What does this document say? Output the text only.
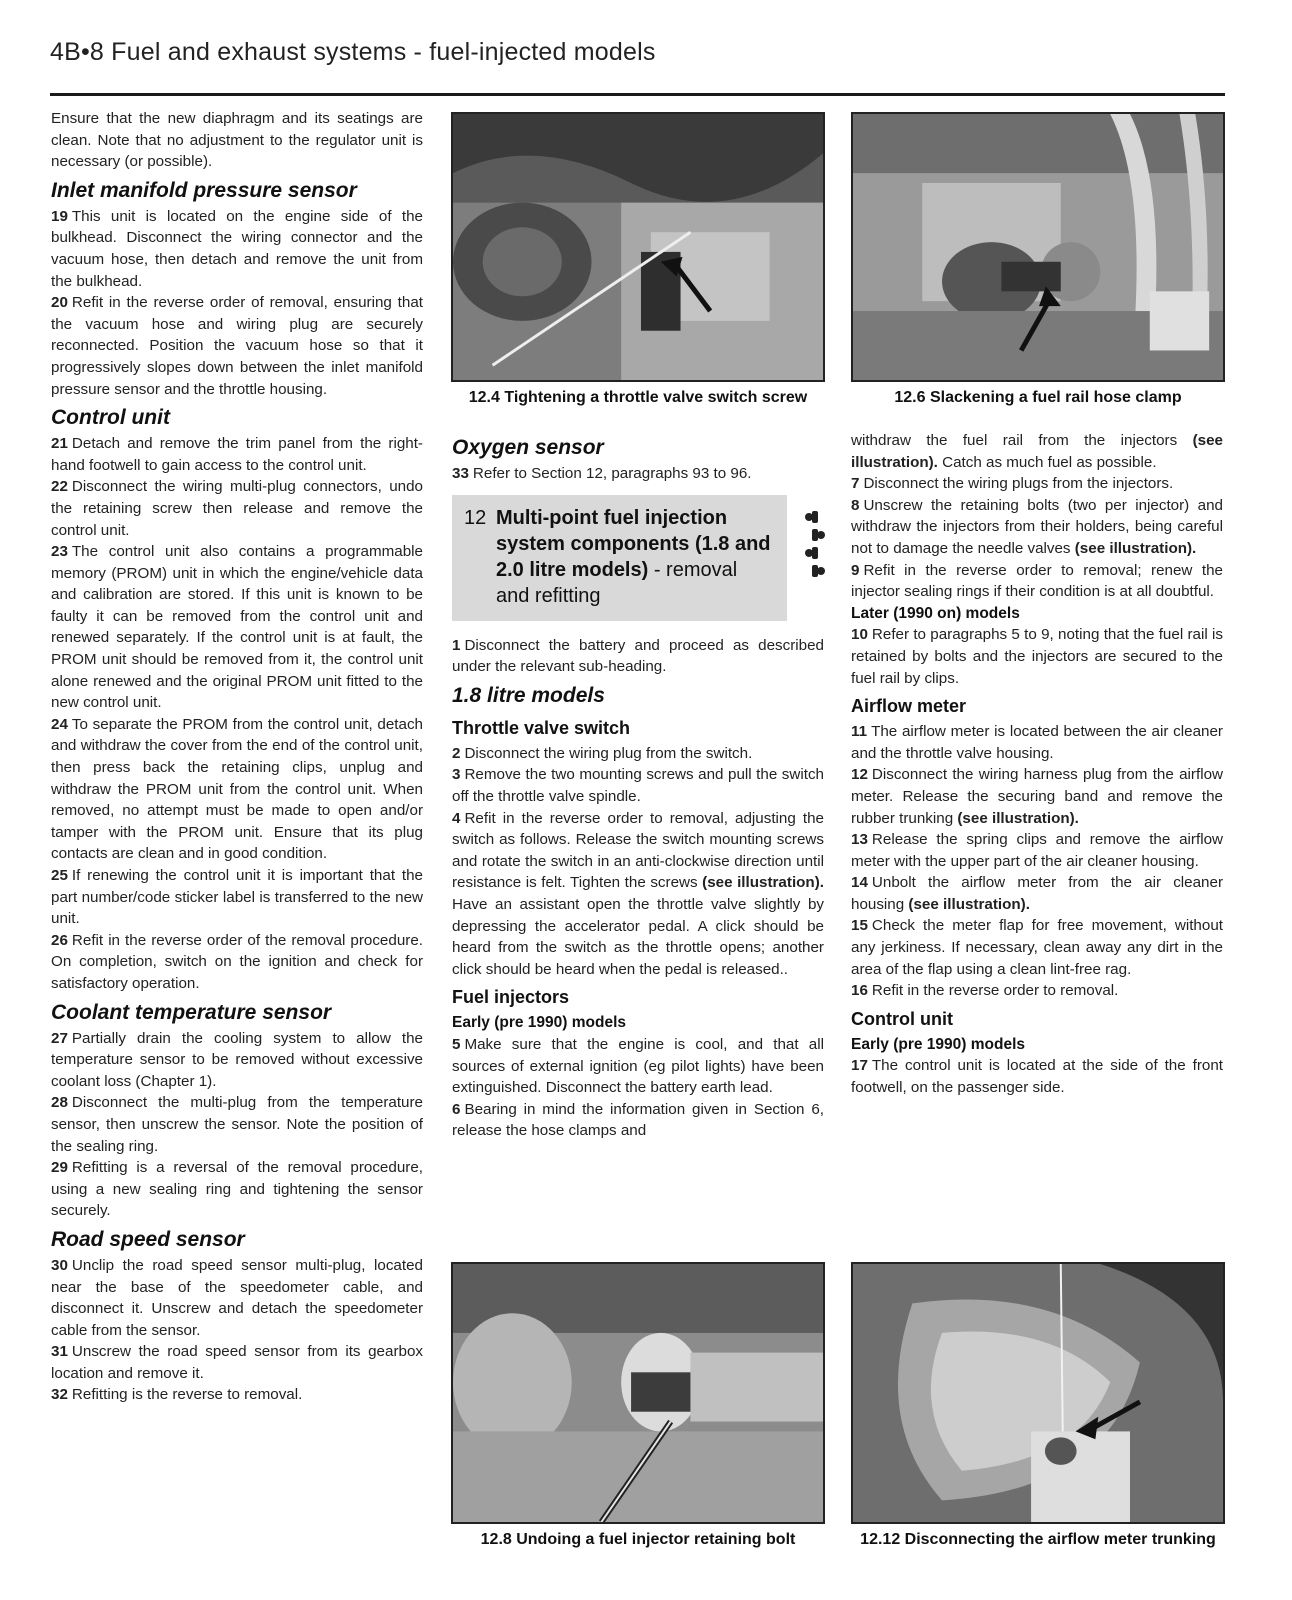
4B•8 Fuel and exhaust systems - fuel-injected models

Ensure that the new diaphragm and its seatings are clean. Note that no adjustment to the regulator unit is necessary (or possible).

Inlet manifold pressure sensor

19 This unit is located on the engine side of the bulkhead. Disconnect the wiring connector and the vacuum hose, then detach and remove the unit from the bulkhead.

20 Refit in the reverse order of removal, ensuring that the vacuum hose and wiring plug are securely reconnected. Position the vacuum hose so that it progressively slopes down between the inlet manifold pressure sensor and the throttle housing.

Control unit

21 Detach and remove the trim panel from the right-hand footwell to gain access to the control unit.

22 Disconnect the wiring multi-plug connectors, undo the retaining screw then release and remove the control unit.

23 The control unit also contains a programmable memory (PROM) unit in which the engine/vehicle data and calibration are stored. If this unit is known to be faulty it can be removed from the control unit and renewed separately. If the control unit is at fault, the PROM unit should be removed from it, the control unit alone renewed and the original PROM unit fitted to the new control unit.

24 To separate the PROM from the control unit, detach and withdraw the cover from the end of the control unit, then press back the retaining clips, unplug and withdraw the PROM unit from the control unit. When removed, no attempt must be made to open and/or tamper with the PROM unit. Ensure that its plug contacts are clean and in good condition.

25 If renewing the control unit it is important that the part number/code sticker label is transferred to the new unit.

26 Refit in the reverse order of the removal procedure. On completion, switch on the ignition and check for satisfactory operation.

Coolant temperature sensor

27 Partially drain the cooling system to allow the temperature sensor to be removed without excessive coolant loss (Chapter 1).

28 Disconnect the multi-plug from the temperature sensor, then unscrew the sensor. Note the position of the sealing ring.

29 Refitting is a reversal of the removal procedure, using a new sealing ring and tightening the sensor securely.

Road speed sensor

30 Unclip the road speed sensor multi-plug, located near the base of the speedometer cable, and disconnect it. Unscrew and detach the speedometer cable from the sensor.

31 Unscrew the road speed sensor from its gearbox location and remove it.

32 Refitting is the reverse to removal.

12.4 Tightening a throttle valve switch screw	12.6 Slackening a fuel rail hose clamp
Oxygen sensor

33 Refer to Section 12, paragraphs 93 to 96.

12 Multi-point fuel injection system components (1.8 and 2.0 litre models) - removal and refitting

1 Disconnect the battery and proceed as described under the relevant sub-heading.

1.8 litre models
Throttle valve switch

2 Disconnect the wiring plug from the switch.

3 Remove the two mounting screws and pull the switch off the throttle valve spindle.

4 Refit in the reverse order to removal, adjusting the switch as follows. Release the switch mounting screws and rotate the switch in an anti-clockwise direction until resistance is felt. Tighten the screws (see illustration). Have an assistant open the throttle valve slightly by depressing the accelerator pedal. A click should be heard from the switch as the throttle opens; another click should be heard when the pedal is released..

Fuel injectors
Early (pre 1990) models

5 Make sure that the engine is cool, and that all sources of external ignition (eg pilot lights) have been extinguished. Disconnect the battery earth lead.

6 Bearing in mind the information given in Section 6, release the hose clamps and

withdraw the fuel rail from the injectors (see illustration). Catch as much fuel as possible.

7 Disconnect the wiring plugs from the injectors.

8 Unscrew the retaining bolts (two per injector) and withdraw the injectors from their holders, being careful not to damage the needle valves (see illustration).

9 Refit in the reverse order to removal; renew the injector sealing rings if their condition is at all doubtful.

Later (1990 on) models

10 Refer to paragraphs 5 to 9, noting that the fuel rail is retained by bolts and the injectors are secured to the fuel rail by clips.

Airflow meter

11 The airflow meter is located between the air cleaner and the throttle valve housing.

12 Disconnect the wiring harness plug from the airflow meter. Release the securing band and remove the rubber trunking (see illustration).

13 Release the spring clips and remove the airflow meter with the upper part of the air cleaner housing.

14 Unbolt the airflow meter from the air cleaner housing (see illustration).

15 Check the meter flap for free movement, without any jerkiness. If necessary, clean away any dirt in the area of the flap using a clean lint-free rag.

16 Refit in the reverse order to removal.

Control unit
Early (pre 1990) models

17 The control unit is located at the side of the front footwell, on the passenger side.

12.8 Undoing a fuel injector retaining bolt	12.12 Disconnecting the airflow meter trunking
